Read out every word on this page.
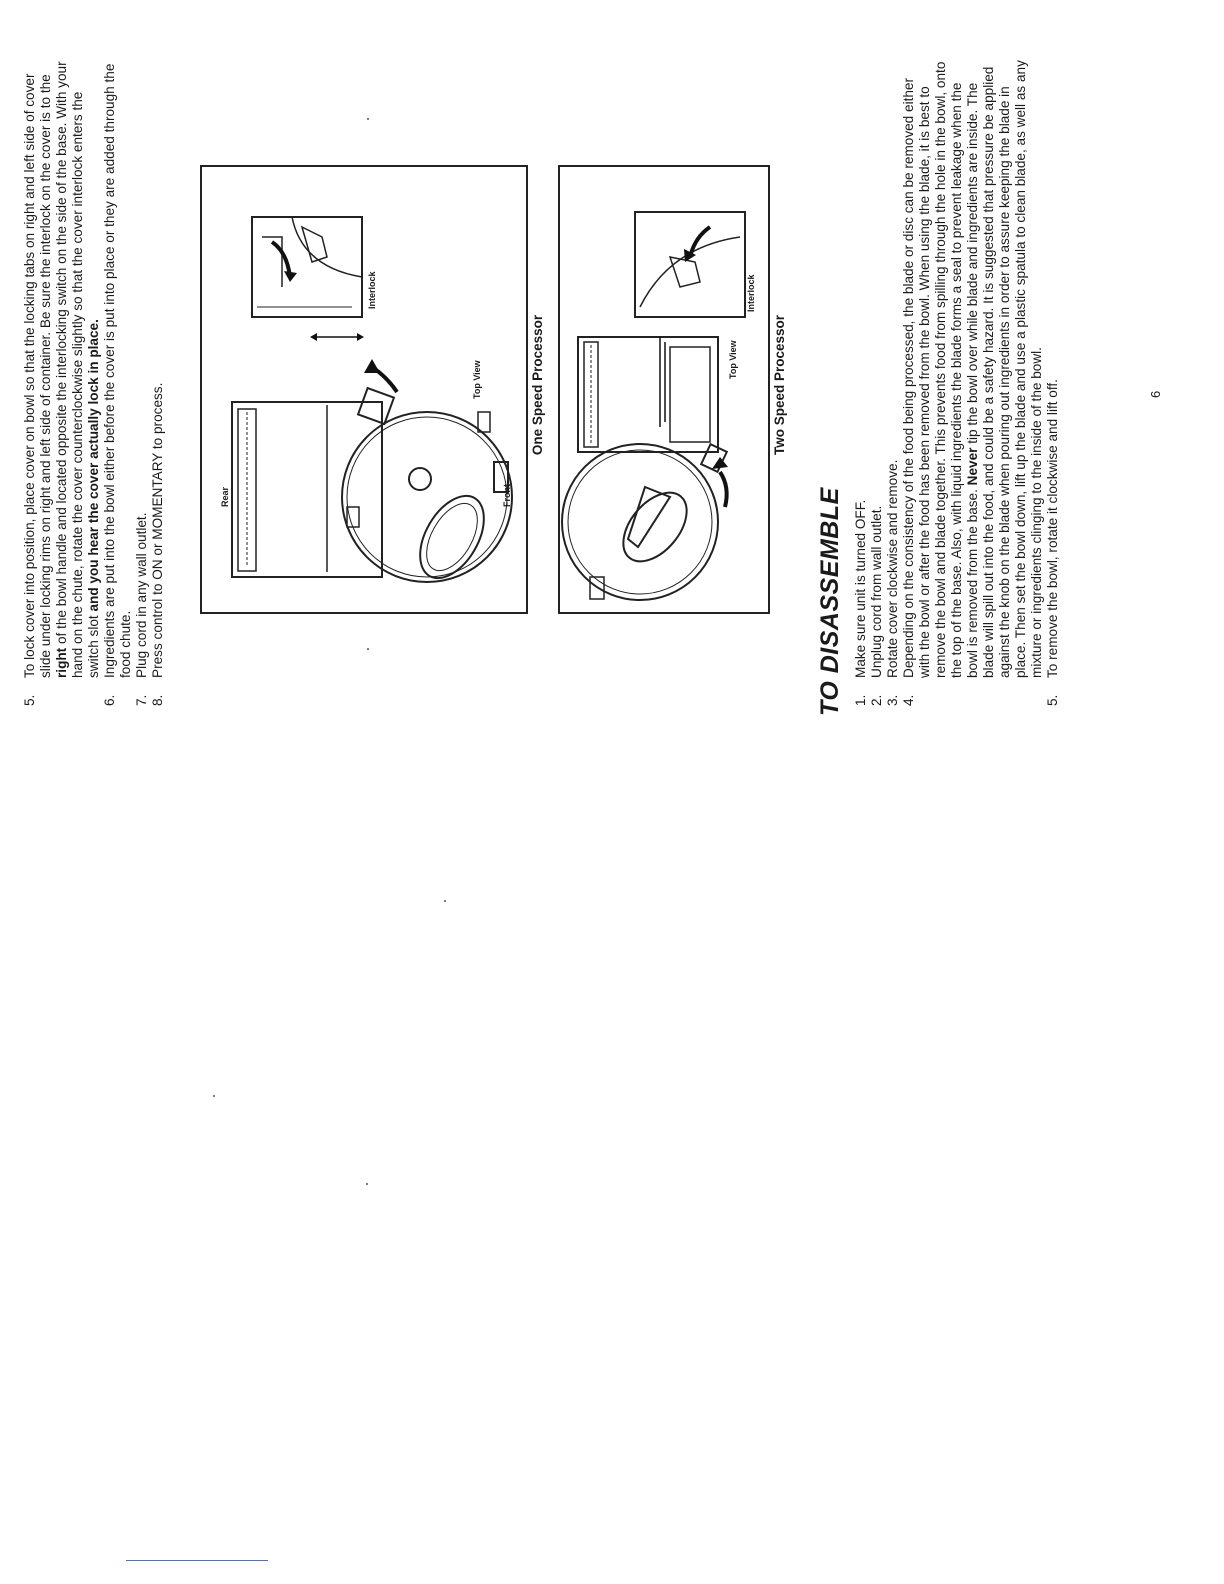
5.
To lock cover into position, place cover on bowl so that the locking tabs on right and left side of cover slide under locking rims on right and left side of container. Be sure the interlock on the cover is to the right of the bowl handle and located opposite the interlocking switch on the side of the base. With your hand on the chute, rotate the cover counterclockwise slightly so that the cover interlock enters the switch slot and you hear the cover actually lock in place.
6.
Ingredients are put into the bowl either before the cover is put into place or they are added through the food chute.
7.
Plug cord in any wall outlet.
8.
Press control to ON or MOMENTARY to process.	Rear	Front
Top View
Interlock
One Speed Processor	Top View
Interlock
Two Speed Processor
TO DISASSEMBLE 1.
Make sure unit is turned OFF.
2.
Unplug cord from wall outlet.
3.
Rotate cover clockwise and remove.
4.
Depending on the consistency of the food being processed, the blade or disc can be removed either with the bowl or after the food has been removed from the bowl. When using the blade, it is best to remove the bowl and blade together. This prevents food from spilling through the hole in the bowl, onto the top of the base. Also, with liquid ingredients the blade forms a seal to prevent leakage when the bowl is removed from the base. Never tip the bowl over while blade and ingredients are inside. The blade will spill out into the food, and could be a safety hazard. It is suggested that pressure be applied against the knob on the blade when pouring out ingredients in order to assure keeping the blade in place. Then set the bowl down, lift up the blade and use a plastic spatula to clean blade, as well as any mixture or ingredients clinging to the inside of the bowl.
5.
To remove the bowl, rotate it clockwise and lift off.	6
